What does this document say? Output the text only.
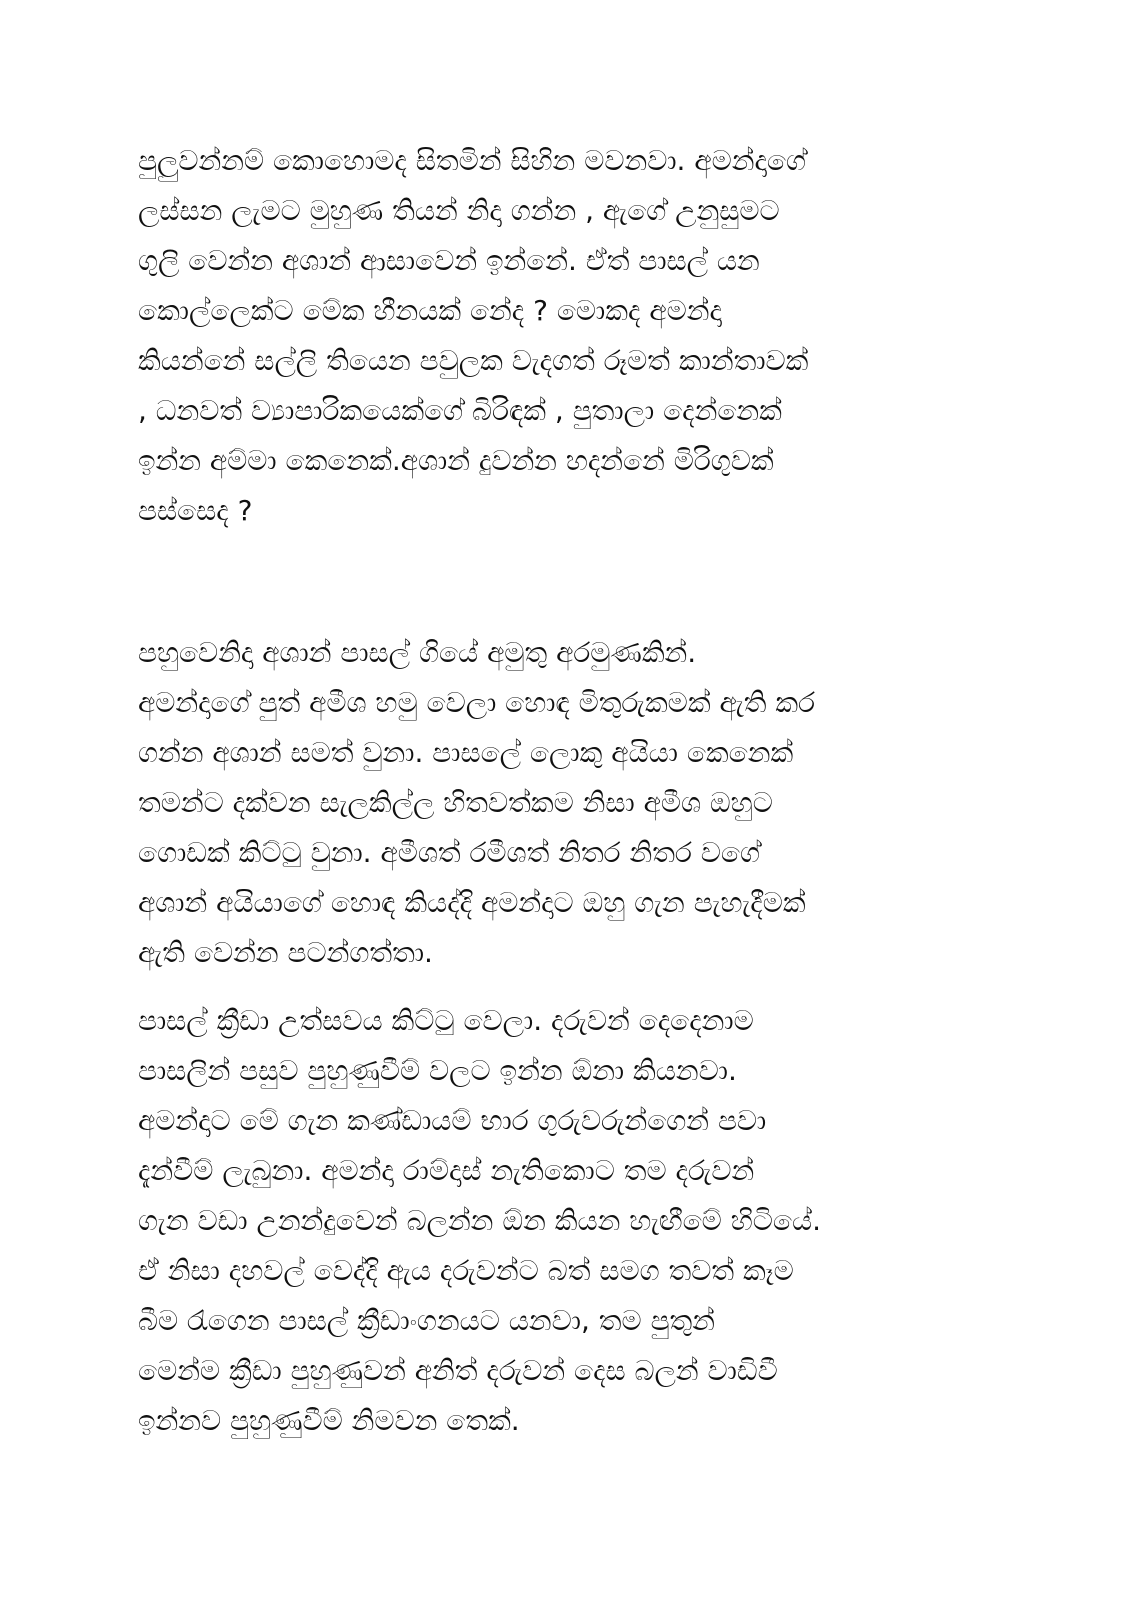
පුලුවන්නම් කොහොමද සිතමින් සිහින මවනවා. අමන්දාගේ
ලස්සන ලැමට මුහුණ තියන් නිදා ගන්න , ඇගේ උනුසුමට
ගුලි වෙන්න අශාන් ආසාවෙන් ඉන්නේ. ඒත් පාසල් යන
කොල්ලෙක්ට මේක හීනයක් නේද ? මොකද අමන්දා
කියන්නේ සල්ලි තියෙන පවුලක වැදගත් රූමත් කාන්තාවක්
, ධනවත් ව්‍යාපාරිකයෙක්ගේ බිරිඳක් , පුතාලා දෙන්නෙක්
ඉන්න අම්මා කෙනෙක්.අශාන් දුවන්න හදන්නේ මිරිගුවක්
පස්සෙද ?

පහුවෙනිදා අශාන් පාසල් ගියේ අමුතු අරමුණකින්.
අමන්දාගේ පුත් අමීශ හමු වෙලා හොඳ මිතුරුකමක් ඇති කර
ගන්න අශාන් සමත් වුනා. පාසලේ ලොකු අයියා කෙනෙක්
තමන්ට දක්වන සැලකිල්ල හිතවත්කම නිසා අමීශ ඔහුට
ගොඩක් කිට්ටු වුනා. අමීශත් රමීශත් නිතර නිතර වගේ
අශාන් අයියාගේ හොඳ කියද්දි අමන්දාට ඔහු ගැන පැහැදීමක්
ඇති වෙන්න පටන්ගත්තා.

පාසල් ක්‍රීඩා උත්සවය කිට්ටු වෙලා. දරුවන් දෙදෙනාම
පාසලින් පසුව පුහුණුවීම් වලට ඉන්න ඕනා කියනවා.
අමන්දාට මේ ගැන කණ්ඩායම් භාර ගුරුවරුන්ගෙන් පවා
දැන්වීම් ලැබුනා. අමන්දා රාම්දාස් නැතිකොට තම දරුවන්
ගැන වඩා උනන්දුවෙන් බලන්න ඕන කියන හැඟීමේ හිටියේ.
ඒ නිසා දහවල් වෙද්දි ඇය දරුවන්ට බත් සමග තවත් කෑම
බීම රැගෙන පාසල් ක්‍රීඩාංගනයට යනවා, තම පුතුන්
මෙන්ම ක්‍රීඩා පුහුණුවන් අනිත් දරුවන් දෙස බලන් වාඩිවී
ඉන්නව පුහුණුවීම් නිමවන තෙක්.
